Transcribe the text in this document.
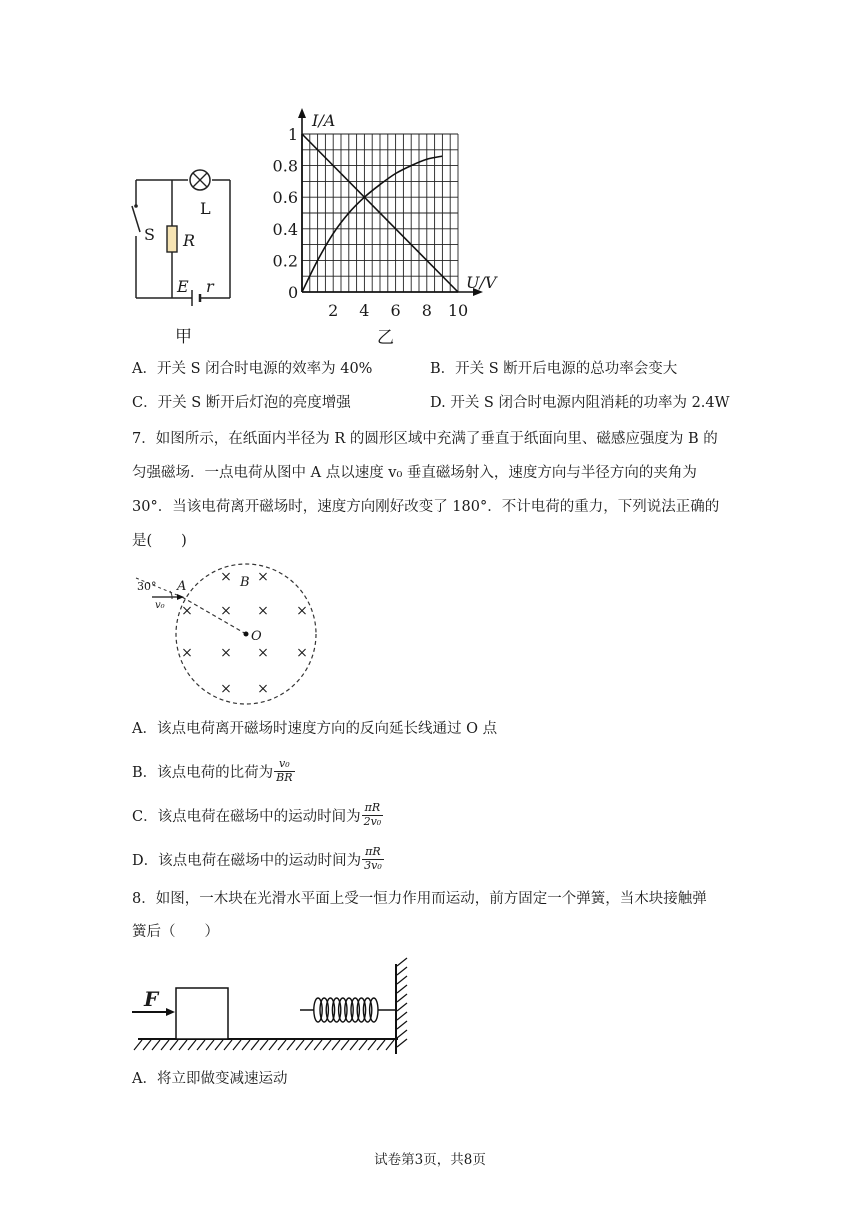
S R
L
E r
甲
0
2 4 6 8 10
0.2
0.4
0.6
0.8
1
I/A
U/V
乙
A．开关 S 闭合时电源的效率为 40%	B．开关 S 断开后电源的总功率会变大
C．开关 S 断开后灯泡的亮度增强	D. 开关 S 闭合时电源内阻消耗的功率为 2.4W
7．如图所示，在纸面内半径为 R 的圆形区域中充满了垂直于纸面向里、磁感应强度为 B 的
匀强磁场．一点电荷从图中 A 点以速度 v₀ 垂直磁场射入，速度方向与半径方向的夹角为
30°．当该电荷离开磁场时，速度方向刚好改变了 180°．不计电荷的重力，下列说法正确的
是(　　)
30° A
v₀
B
O
× ×
× × × ×
× × × ×
× ×
A．该点电荷离开磁场时速度方向的反向延长线通过 O 点
B．该点电荷的比荷为 $\frac{\text{v₀}}{BR}$
C．该点电荷在磁场中的运动时间为 $\frac{\pi R}{\text{2v₀}}$
D．该点电荷在磁场中的运动时间为 $\frac{\pi R}{\text{3v₀}}$
8．如图，一木块在光滑水平面上受一恒力作用而运动，前方固定一个弹簧，当木块接触弹
簧后（　　）
F
A．将立即做变减速运动
试卷第3页，共8页
